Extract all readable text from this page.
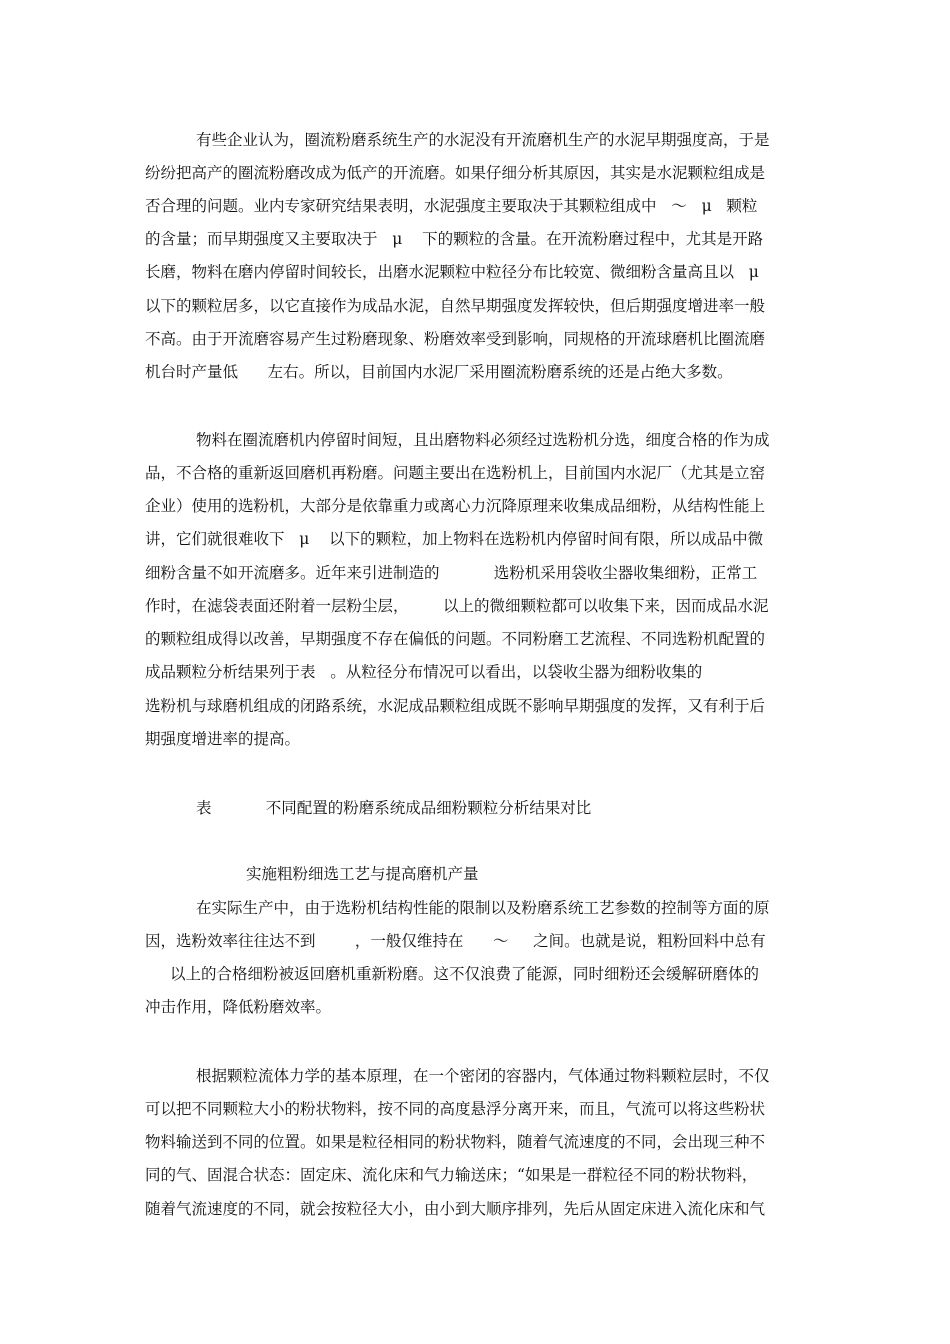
有些企业认为，圈流粉磨系统生产的水泥没有开流磨机生产的水泥早期强度高，于是

纷纷把高产的圈流粉磨改成为低产的开流磨。如果仔细分析其原因，其实是水泥颗粒组成是

否合理的问题。业内专家研究结果表明，水泥强度主要取决于其颗粒组成中   ～   μ   颗粒

的含量；而早期强度又主要取决于   μ    下的颗粒的含量。在开流粉磨过程中，尤其是开路

长磨，物料在磨内停留时间较长，出磨水泥颗粒中粒径分布比较宽、微细粉含量高且以   μ

以下的颗粒居多，以它直接作为成品水泥，自然早期强度发挥较快，但后期强度增进率一般

不高。由于开流磨容易产生过粉磨现象、粉磨效率受到影响，同规格的开流球磨机比圈流磨

机台时产量低      左右。所以，目前国内水泥厂采用圈流粉磨系统的还是占绝大多数。

物料在圈流磨机内停留时间短，且出磨物料必须经过选粉机分选，细度合格的作为成

品，不合格的重新返回磨机再粉磨。问题主要出在选粉机上，目前国内水泥厂（尤其是立窑

企业）使用的选粉机，大部分是依靠重力或离心力沉降原理来收集成品细粉，从结构性能上

讲，它们就很难收下   μ    以下的颗粒，加上物料在选粉机内停留时间有限，所以成品中微

细粉含量不如开流磨多。近年来引进制造的           选粉机采用袋收尘器收集细粉，正常工

作时，在滤袋表面还附着一层粉尘层，       以上的微细颗粒都可以收集下来，因而成品水泥

的颗粒组成得以改善，早期强度不存在偏低的问题。不同粉磨工艺流程、不同选粉机配置的

成品颗粒分析结果列于表   。从粒径分布情况可以看出，以袋收尘器为细粉收集的

选粉机与球磨机组成的闭路系统，水泥成品颗粒组成既不影响早期强度的发挥，又有利于后

期强度增进率的提高。

表           不同配置的粉磨系统成品细粉颗粒分析结果对比

实施粗粉细选工艺与提高磨机产量

在实际生产中，由于选粉机结构性能的限制以及粉磨系统工艺参数的控制等方面的原

因，选粉效率往往达不到        ，一般仅维持在      ～     之间。也就是说，粗粉回料中总有

以上的合格细粉被返回磨机重新粉磨。这不仅浪费了能源，同时细粉还会缓解研磨体的

冲击作用，降低粉磨效率。

根据颗粒流体力学的基本原理，在一个密闭的容器内，气体通过物料颗粒层时，不仅

可以把不同颗粒大小的粉状物料，按不同的高度悬浮分离开来，而且，气流可以将这些粉状

物料输送到不同的位置。如果是粒径相同的粉状物料，随着气流速度的不同，会出现三种不

同的气、固混合状态：固定床、流化床和气力输送床；“如果是一群粒径不同的粉状物料，

随着气流速度的不同，就会按粒径大小，由小到大顺序排列，先后从固定床进入流化床和气
